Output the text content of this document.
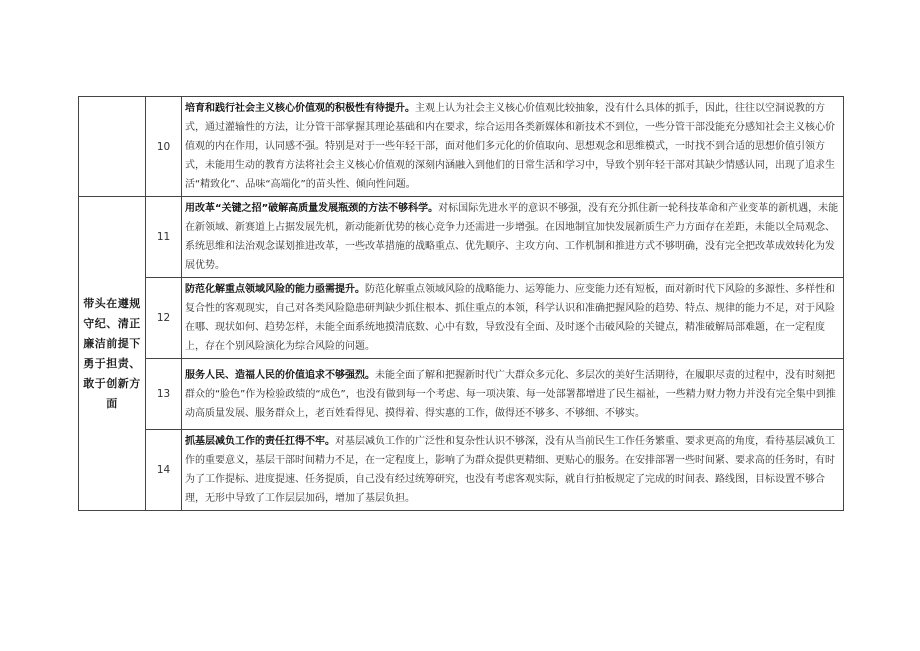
	10	培育和践行社会主义核心价值观的积极性有待提升。主观上认为社会主义核心价值观比较抽象，没有什么具体的抓手，因此，往往以空洞说教的方式，通过灌输性的方法，让分管干部掌握其理论基础和内在要求，综合运用各类新媒体和新技术不到位，一些分管干部没能充分感知社会主义核心价值观的内在作用，认同感不强。特别是对于一些年轻干部，面对他们多元化的价值取向、思想观念和思维模式，一时找不到合适的思想价值引领方式，未能用生动的教育方法将社会主义核心价值观的深刻内涵融入到他们的日常生活和学习中，导致个别年轻干部对其缺少情感认同，出现了追求生活“精致化”、品味“高端化”的苗头性、倾向性问题。
带头在遵规守纪、清正廉洁前提下勇于担责、敢于创新方面	11	用改革“关键之招”破解高质量发展瓶颈的方法不够科学。对标国际先进水平的意识不够强，没有充分抓住新一轮科技革命和产业变革的新机遇，未能在新领域、新赛道上占据发展先机，新动能新优势的核心竞争力还需进一步增强。在因地制宜加快发展新质生产力方面存在差距，未能以全局观念、系统思维和法治观念谋划推进改革，一些改革措施的战略重点、优先顺序、主攻方向、工作机制和推进方式不够明确，没有完全把改革成效转化为发展优势。
	12	防范化解重点领域风险的能力亟需提升。防范化解重点领域风险的战略能力、运筹能力、应变能力还有短板，面对新时代下风险的多源性、多样性和复合性的客观现实，自己对各类风险隐患研判缺少抓住根本、抓住重点的本领，科学认识和准确把握风险的趋势、特点、规律的能力不足，对于风险在哪、现状如何、趋势怎样，未能全面系统地摸清底数、心中有数，导致没有全面、及时逐个击破风险的关键点，精准破解局部难题，在一定程度上，存在个别风险演化为综合风险的问题。
	13	服务人民、造福人民的价值追求不够强烈。未能全面了解和把握新时代广大群众多元化、多层次的美好生活期待，在履职尽责的过程中，没有时刻把群众的“脸色”作为检验政绩的“成色”，也没有做到每一个考虑、每一项决策、每一处部署都增进了民生福祉，一些精力财力物力并没有完全集中到推动高质量发展、服务群众上，老百姓看得见、摸得着、得实惠的工作，做得还不够多、不够细、不够实。
	14	抓基层减负工作的责任扛得不牢。对基层减负工作的广泛性和复杂性认识不够深，没有从当前民生工作任务繁重、要求更高的角度，看待基层减负工作的重要意义，基层干部时间精力不足，在一定程度上，影响了为群众提供更精细、更贴心的服务。在安排部署一些时间紧、要求高的任务时，有时为了工作提标、进度提速、任务提质，自己没有经过统筹研究，也没有考虑客观实际，就自行拍板规定了完成的时间表、路线图，目标设置不够合理，无形中导致了工作层层加码，增加了基层负担。
